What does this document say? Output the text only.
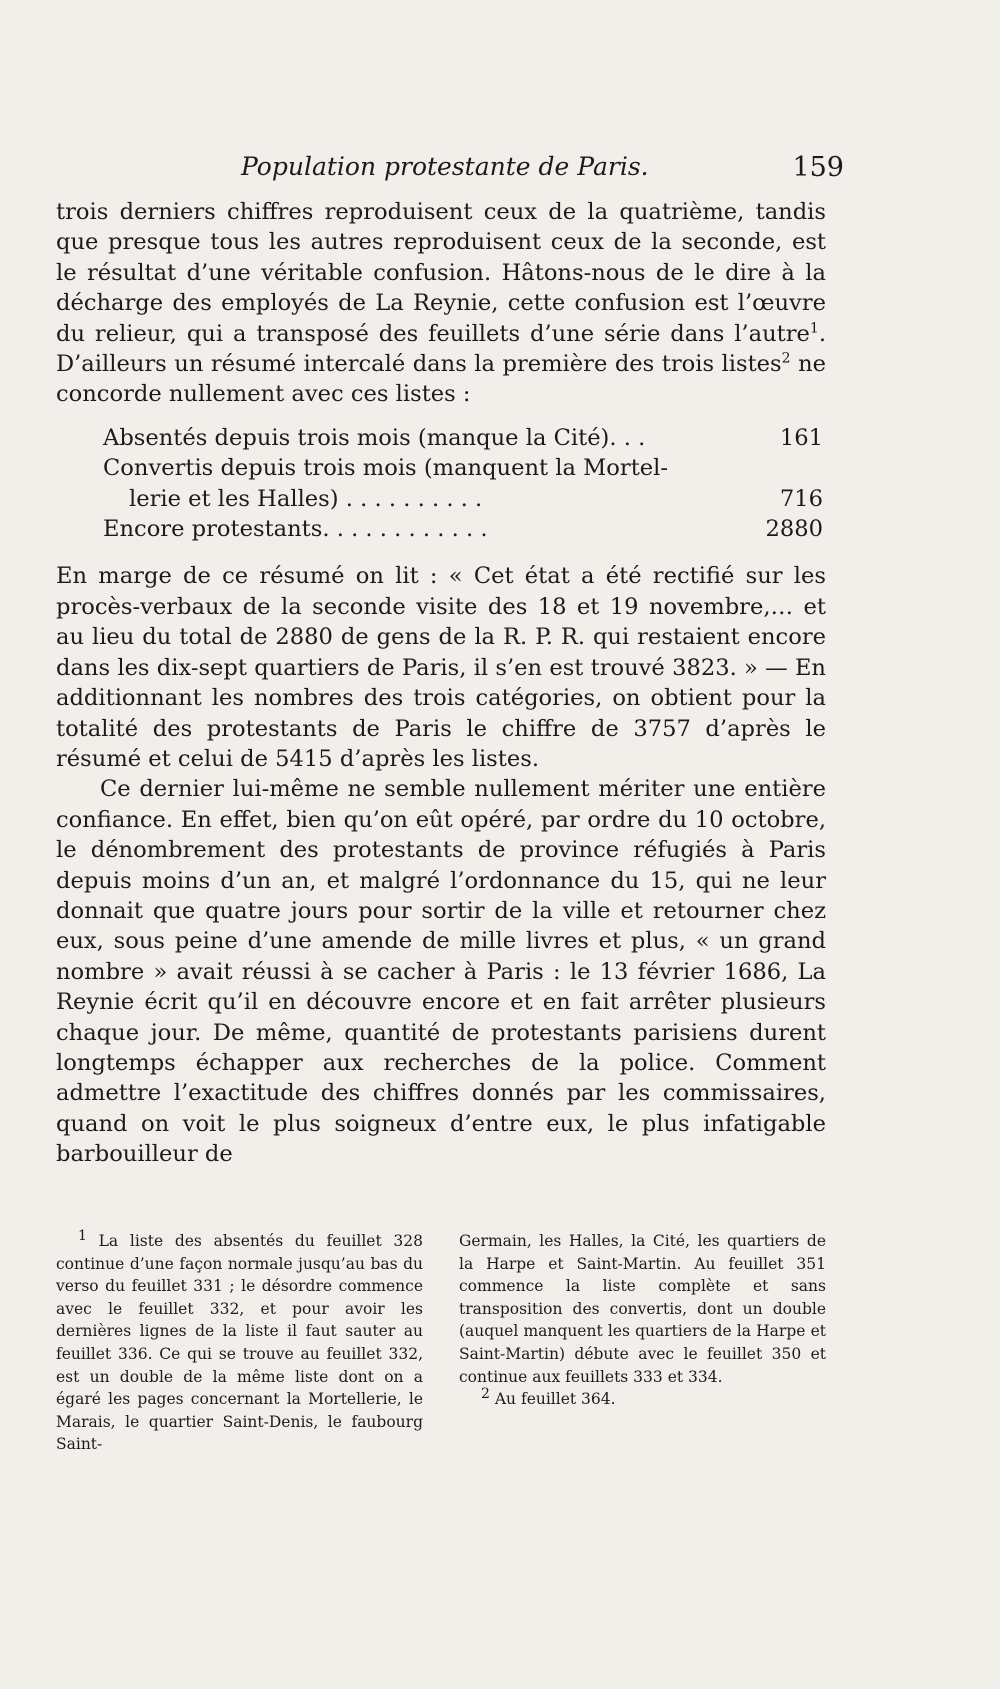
Population protestante de Paris.	159

trois derniers chiffres reproduisent ceux de la quatrième, tandis que presque tous les autres reproduisent ceux de la seconde, est le résultat d’une véritable confusion. Hâtons-nous de le dire à la décharge des employés de La Reynie, cette confusion est l’œuvre du relieur, qui a transposé des feuillets d’une série dans l’autre$^1$. D’ailleurs un résumé intercalé dans la première des trois listes$^2$ ne concorde nullement avec ces listes :

Absentés depuis trois mois (manque la Cité). . .	161
Convertis depuis trois mois (manquent la Mortel-
lerie et les Halles) . . . . . . . . . .	716
Encore protestants. . . . . . . . . . . .	2880

En marge de ce résumé on lit : « Cet état a été rectifié sur les procès-verbaux de la seconde visite des 18 et 19 novembre,… et au lieu du total de 2880 de gens de la R. P. R. qui restaient encore dans les dix-sept quartiers de Paris, il s’en est trouvé 3823. » — En additionnant les nombres des trois catégories, on obtient pour la totalité des protestants de Paris le chiffre de 3757 d’après le résumé et celui de 5415 d’après les listes.

Ce dernier lui-même ne semble nullement mériter une entière confiance. En effet, bien qu’on eût opéré, par ordre du 10 octobre, le dénombrement des protestants de province réfugiés à Paris depuis moins d’un an, et malgré l’ordonnance du 15, qui ne leur donnait que quatre jours pour sortir de la ville et retourner chez eux, sous peine d’une amende de mille livres et plus, « un grand nombre » avait réussi à se cacher à Paris : le 13 février 1686, La Reynie écrit qu’il en découvre encore et en fait arrêter plusieurs chaque jour. De même, quantité de protestants parisiens durent longtemps échapper aux recherches de la police. Comment admettre l’exactitude des chiffres donnés par les commissaires, quand on voit le plus soigneux d’entre eux, le plus infatigable barbouilleur de

$^1$ La liste des absentés du feuillet 328 continue d’une façon normale jusqu’au bas du verso du feuillet 331 ; le désordre commence avec le feuillet 332, et pour avoir les dernières lignes de la liste il faut sauter au feuillet 336. Ce qui se trouve au feuillet 332, est un double de la même liste dont on a égaré les pages concernant la Mortellerie, le Marais, le quartier Saint-Denis, le faubourg Saint-

Germain, les Halles, la Cité, les quartiers de la Harpe et Saint-Martin. Au feuillet 351 commence la liste complète et sans transposition des convertis, dont un double (auquel manquent les quartiers de la Harpe et Saint-Martin) débute avec le feuillet 350 et continue aux feuillets 333 et 334.

$^2$ Au feuillet 364.
